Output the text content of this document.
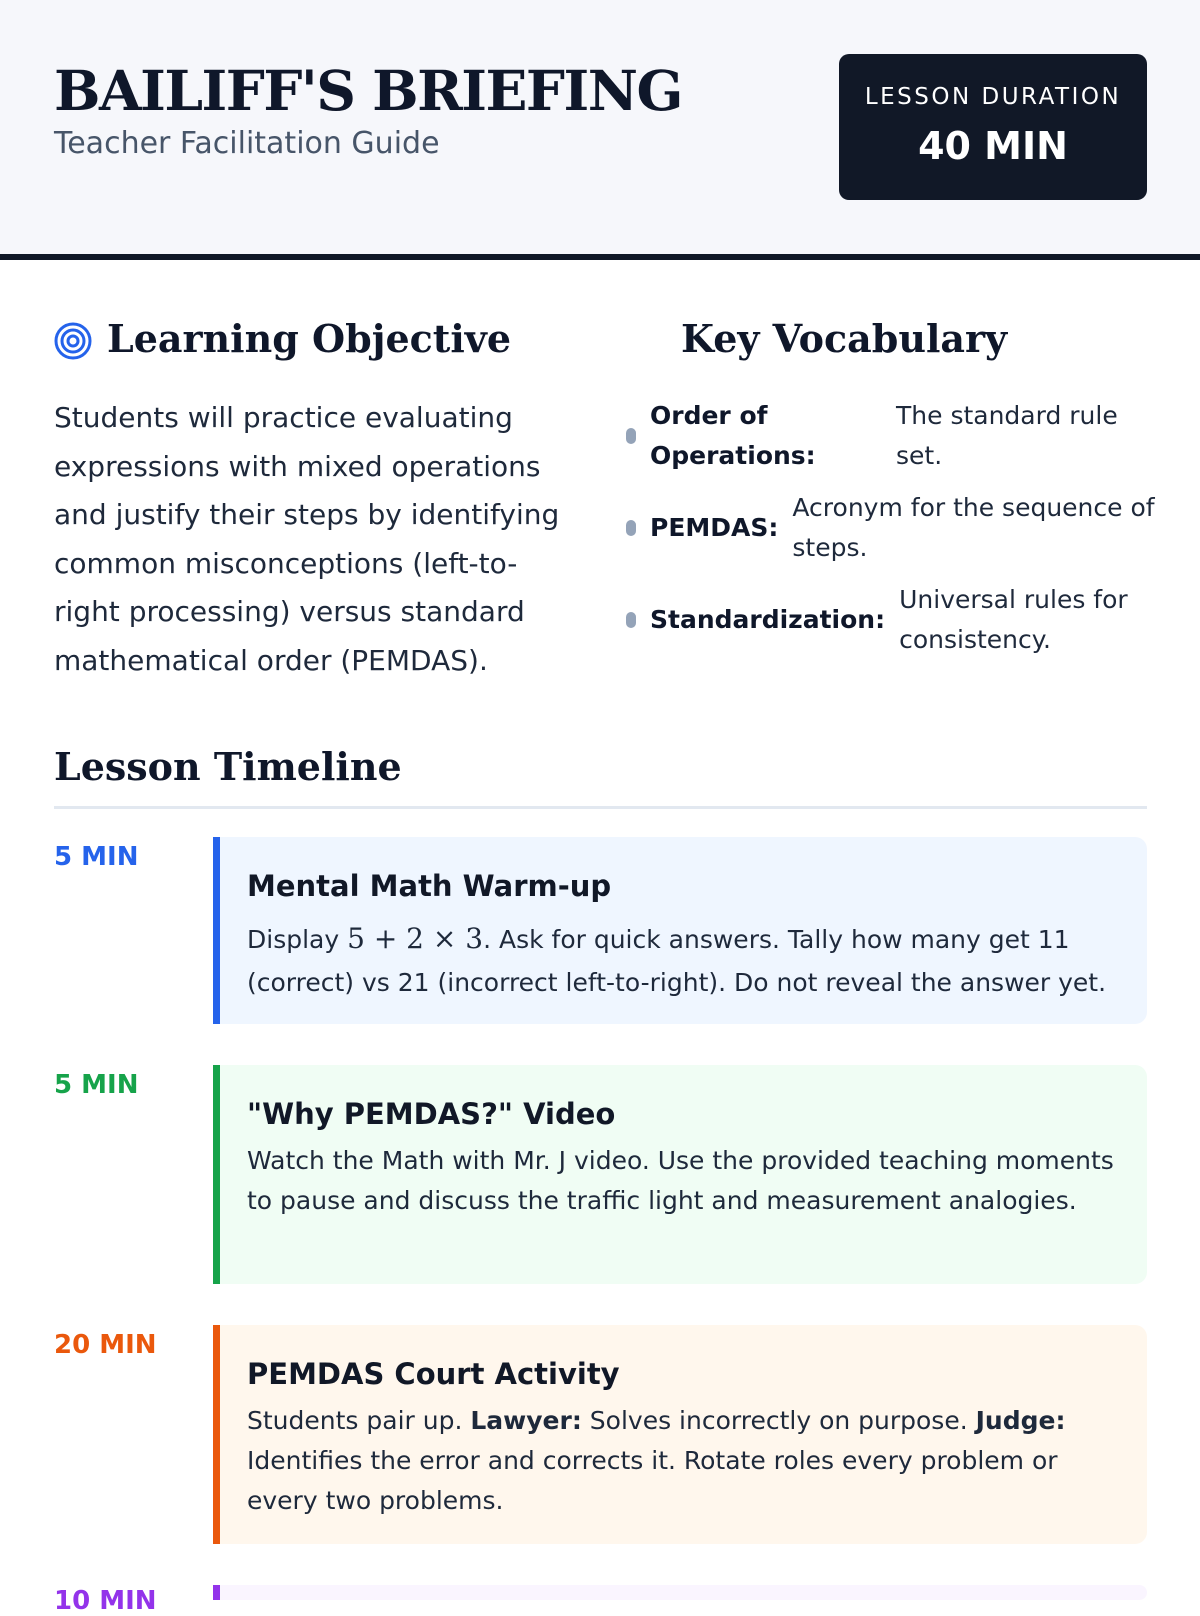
BAILIFF'S BRIEFING
Teacher Facilitation Guide
LESSON DURATION
40 MIN
Learning Objective
Students will practice evaluating expressions with mixed operations and justify their steps by identifying common misconceptions (left-to-right processing) versus standard mathematical order (PEMDAS).
Key Vocabulary
Order of Operations:
The standard rule set.
PEMDAS:
Acronym for the sequence of steps.
Standardization:
Universal rules for consistency.
Lesson Timeline
5 MIN
Mental Math Warm-up
Display 5 + 2 × 3. Ask for quick answers. Tally how many get 11 (correct) vs 21 (incorrect left-to-right). Do not reveal the answer yet.
5 MIN
"Why PEMDAS?" Video
Watch the Math with Mr. J video. Use the provided teaching moments to pause and discuss the traffic light and measurement analogies.
20 MIN
PEMDAS Court Activity
Students pair up. Lawyer: Solves incorrectly on purpose. Judge: Identifies the error and corrects it. Rotate roles every problem or every two problems.
10 MIN
